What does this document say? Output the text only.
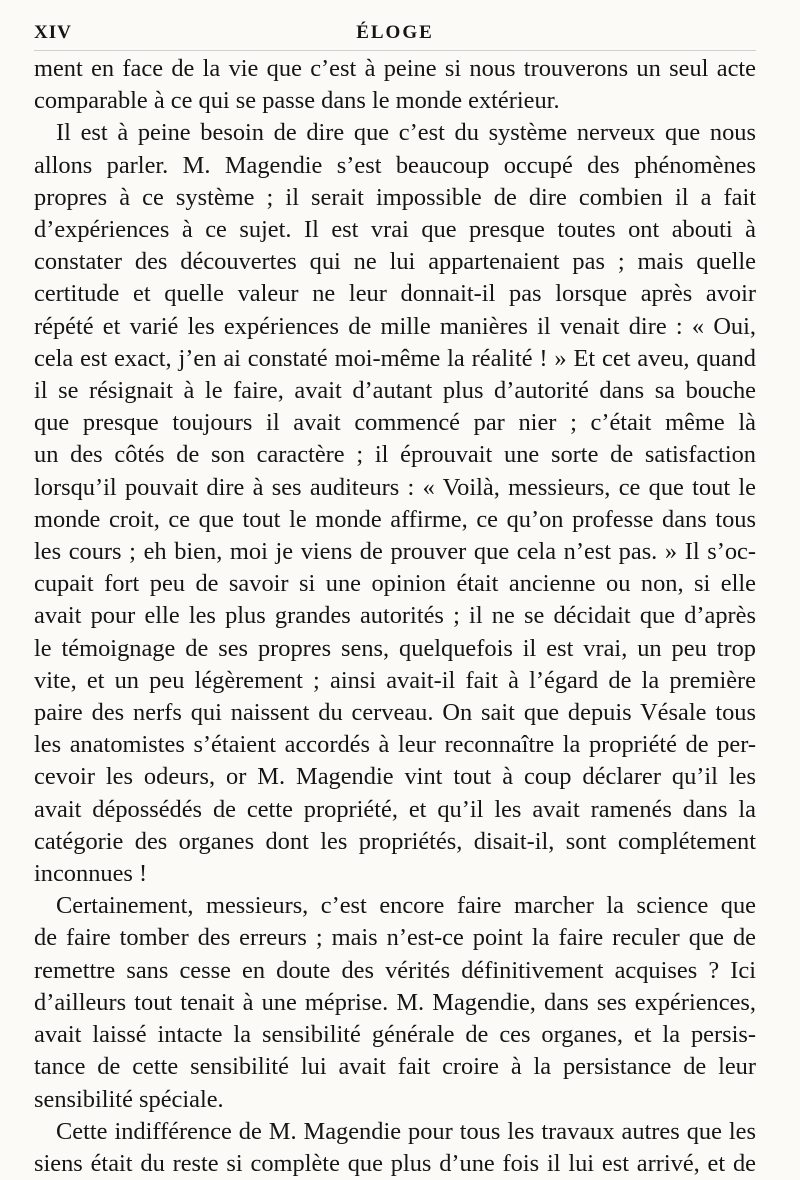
XIV	ÉLOGE
ment en face de la vie que c’est à peine si nous trouverons un seul acte
comparable à ce qui se passe dans le monde extérieur.
Il est à peine besoin de dire que c’est du système nerveux que nous
allons parler. M. Magendie s’est beaucoup occupé des phénomènes
propres à ce système ; il serait impossible de dire combien il a fait
d’expériences à ce sujet. Il est vrai que presque toutes ont abouti à
constater des découvertes qui ne lui appartenaient pas ; mais quelle
certitude et quelle valeur ne leur donnait-il pas lorsque après avoir
répété et varié les expériences de mille manières il venait dire : « Oui,
cela est exact, j’en ai constaté moi-même la réalité ! » Et cet aveu, quand
il se résignait à le faire, avait d’autant plus d’autorité dans sa bouche
que presque toujours il avait commencé par nier ; c’était même là
un des côtés de son caractère ; il éprouvait une sorte de satisfaction
lorsqu’il pouvait dire à ses auditeurs : « Voilà, messieurs, ce que tout le
monde croit, ce que tout le monde affirme, ce qu’on professe dans tous
les cours ; eh bien, moi je viens de prouver que cela n’est pas. » Il s’oc-
cupait fort peu de savoir si une opinion était ancienne ou non, si elle
avait pour elle les plus grandes autorités ; il ne se décidait que d’après
le témoignage de ses propres sens, quelquefois il est vrai, un peu trop
vite, et un peu légèrement ; ainsi avait-il fait à l’égard de la première
paire des nerfs qui naissent du cerveau. On sait que depuis Vésale tous
les anatomistes s’étaient accordés à leur reconnaître la propriété de per-
cevoir les odeurs, or M. Magendie vint tout à coup déclarer qu’il les
avait dépossédés de cette propriété, et qu’il les avait ramenés dans la
catégorie des organes dont les propriétés, disait-il, sont complétement
inconnues !
Certainement, messieurs, c’est encore faire marcher la science que
de faire tomber des erreurs ; mais n’est-ce point la faire reculer que de
remettre sans cesse en doute des vérités définitivement acquises ? Ici
d’ailleurs tout tenait à une méprise. M. Magendie, dans ses expériences,
avait laissé intacte la sensibilité générale de ces organes, et la persis-
tance de cette sensibilité lui avait fait croire à la persistance de leur
sensibilité spéciale.
Cette indifférence de M. Magendie pour tous les travaux autres que les
siens était du reste si complète que plus d’une fois il lui est arrivé, et de
